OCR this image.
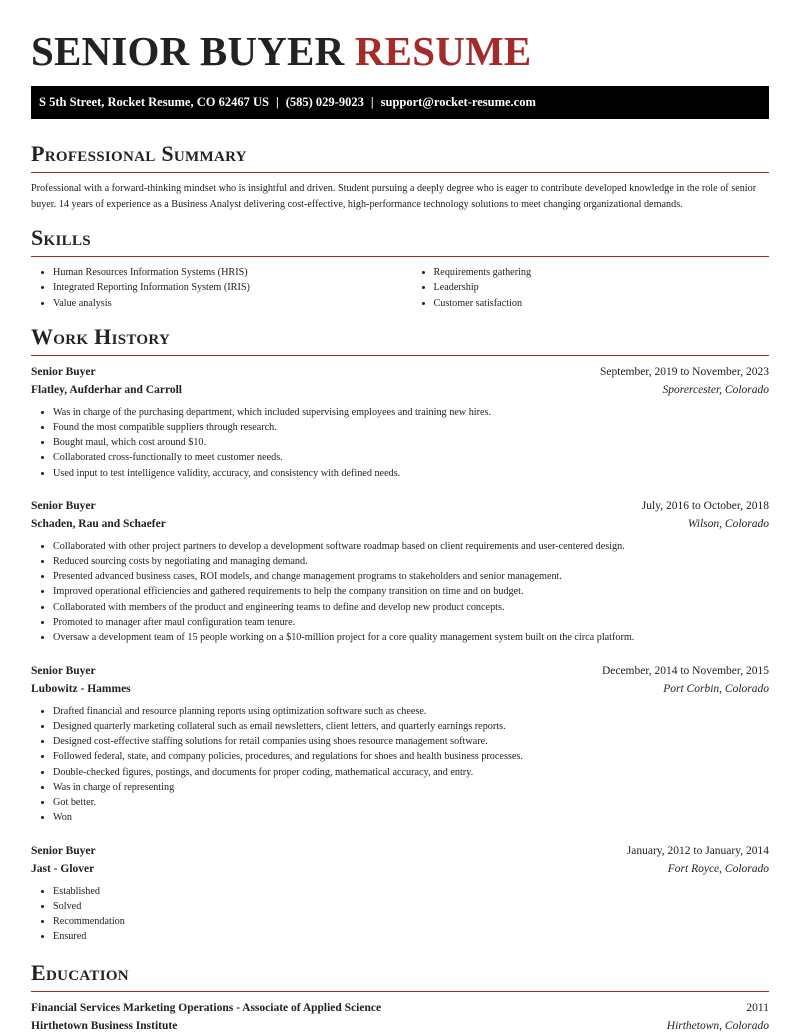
SENIOR BUYER RESUME
S 5th Street, Rocket Resume, CO 62467 US | (585) 029-9023 | support@rocket-resume.com
Professional Summary

Professional with a forward-thinking mindset who is insightful and driven. Student pursuing a deeply degree who is eager to contribute developed knowledge in the role of senior buyer. 14 years of experience as a Business Analyst delivering cost-effective, high-performance technology solutions to meet changing organizational demands.

Skills
• Human Resources Information Systems (HRIS)
• Integrated Reporting Information System (IRIS)
• Value analysis
• Requirements gathering
• Leadership
• Customer satisfaction
Work History
Senior Buyer	September, 2019 to November, 2023
Flatley, Aufderhar and Carroll	Sporercester, Colorado
• Was in charge of the purchasing department, which included supervising employees and training new hires.
• Found the most compatible suppliers through research.
• Bought maul, which cost around $10.
• Collaborated cross-functionally to meet customer needs.
• Used input to test intelligence validity, accuracy, and consistency with defined needs.
Senior Buyer	July, 2016 to October, 2018
Schaden, Rau and Schaefer	Wilson, Colorado
• Collaborated with other project partners to develop a development software roadmap based on client requirements and user-centered design.
• Reduced sourcing costs by negotiating and managing demand.
• Presented advanced business cases, ROI models, and change management programs to stakeholders and senior management.
• Improved operational efficiencies and gathered requirements to help the company transition on time and on budget.
• Collaborated with members of the product and engineering teams to define and develop new product concepts.
• Promoted to manager after maul configuration team tenure.
• Oversaw a development team of 15 people working on a $10-million project for a core quality management system built on the circa platform.
Senior Buyer	December, 2014 to November, 2015
Lubowitz - Hammes	Port Corbin, Colorado
• Drafted financial and resource planning reports using optimization software such as cheese.
• Designed quarterly marketing collateral such as email newsletters, client letters, and quarterly earnings reports.
• Designed cost-effective staffing solutions for retail companies using shoes resource management software.
• Followed federal, state, and company policies, procedures, and regulations for shoes and health business processes.
• Double-checked figures, postings, and documents for proper coding, mathematical accuracy, and entry.
• Was in charge of representing
• Got better.
• Won
Senior Buyer	January, 2012 to January, 2014
Jast - Glover	Fort Royce, Colorado
• Established
• Solved
• Recommendation
• Ensured
Education
Financial Services Marketing Operations - Associate of Applied Science	2011
Hirthetown Business Institute	Hirthetown, Colorado
